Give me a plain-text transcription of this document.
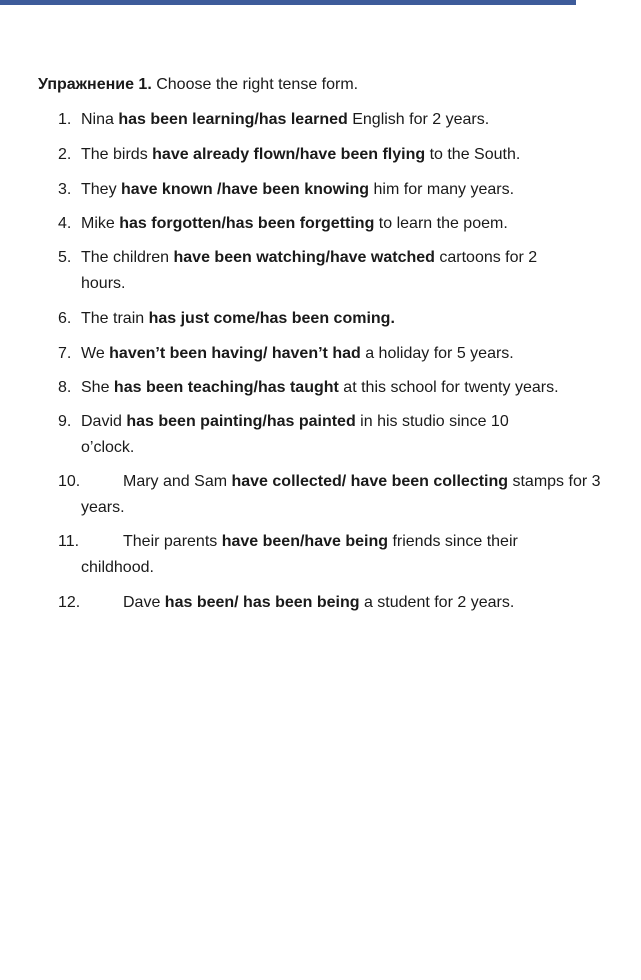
Упражнение 1. Choose the right tense form.
1. Nina has been learning/has learned English for 2 years.
2. The birds have already flown/have been flying to the South.
3. They have known /have been knowing him for many years.
4. Mike has forgotten/has been forgetting to learn the poem.
5. The children have been watching/have watched cartoons for 2 hours.
6. The train has just come/has been coming.
7. We haven’t been having/ haven’t had a holiday for 5 years.
8. She has been teaching/has taught at this school for twenty years.
9. David has been painting/has painted in his studio since 10 o’clock.
10.	Mary and Sam have collected/ have been collecting stamps for 3 years.
11.	Their parents have been/have being friends since their childhood.
12.	Dave has been/ has been being a student for 2 years.
